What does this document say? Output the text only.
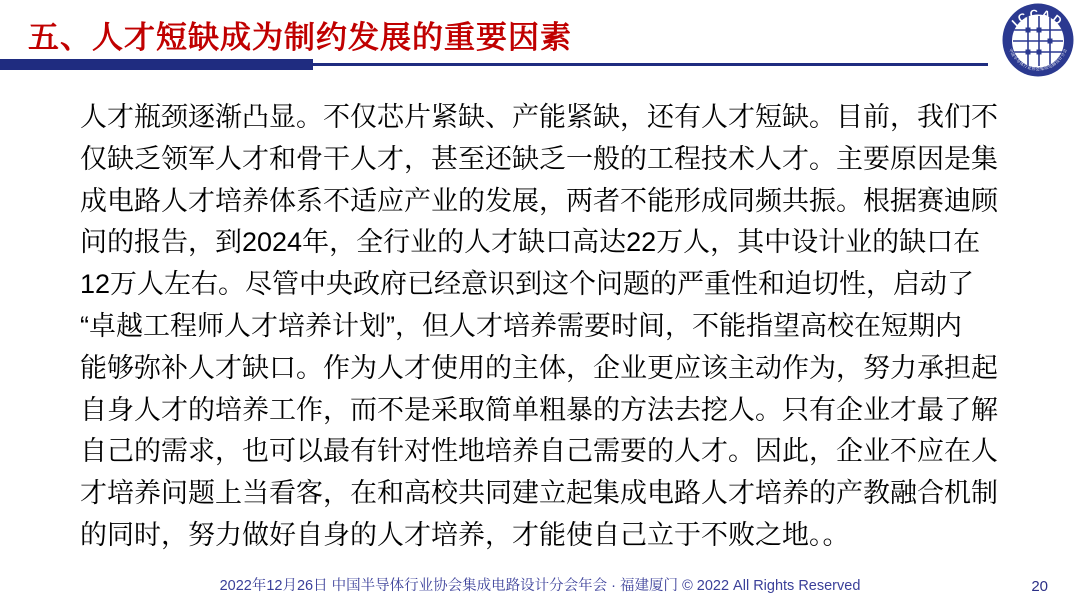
五、人才短缺成为制约发展的重要因素	ICCAD
中国半导体行业协会集成电路设计分会
人才瓶颈逐渐凸显。不仅芯片紧缺、产能紧缺，还有人才短缺。目前，我们不
仅缺乏领军人才和骨干人才，甚至还缺乏一般的工程技术人才。主要原因是集
成电路人才培养体系不适应产业的发展，两者不能形成同频共振。根据赛迪顾
问的报告，到2024年，全行业的人才缺口高达22万人，其中设计业的缺口在
12万人左右。尽管中央政府已经意识到这个问题的严重性和迫切性，启动了
“卓越工程师人才培养计划”，但人才培养需要时间，不能指望高校在短期内
能够弥补人才缺口。作为人才使用的主体，企业更应该主动作为，努力承担起
自身人才的培养工作，而不是采取简单粗暴的方法去挖人。只有企业才最了解
自己的需求，也可以最有针对性地培养自己需要的人才。因此，企业不应在人
才培养问题上当看客，在和高校共同建立起集成电路人才培养的产教融合机制
的同时，努力做好自身的人才培养，才能使自己立于不败之地。。
2022年12月26日 中国半导体行业协会集成电路设计分会年会 · 福建厦门 © 2022 All Rights Reserved	20
